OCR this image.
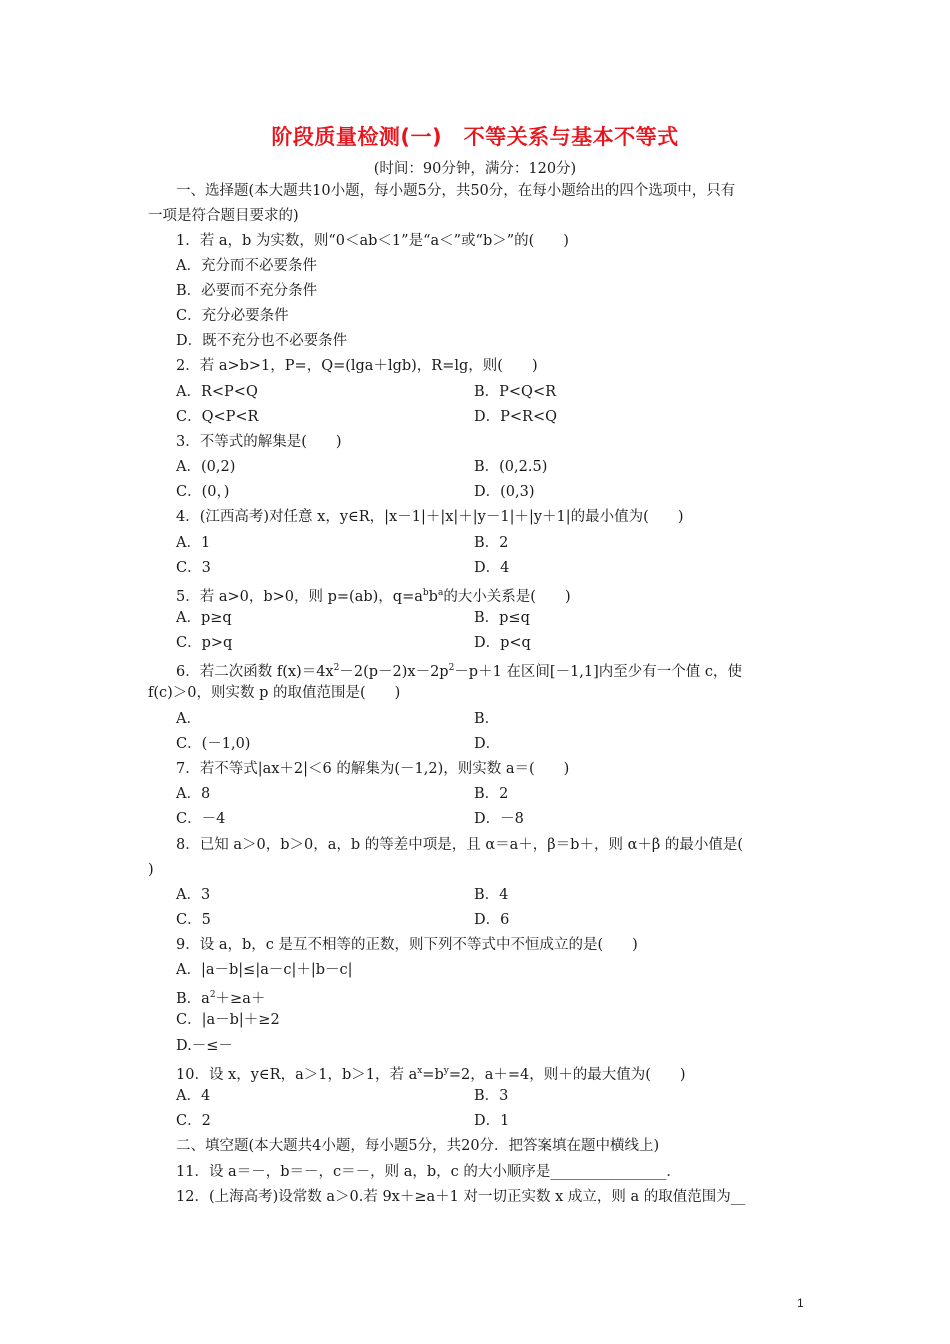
阶段质量检测(一)　不等关系与基本不等式
(时间：90分钟，满分：120分)
一、选择题(本大题共10小题，每小题5分，共50分，在每小题给出的四个选项中，只有
一项是符合题目要求的)
1．若 a，b 为实数，则“0＜ab＜1”是“a＜”或“b＞”的(　　)
A．充分而不必要条件
B．必要而不充分条件
C．充分必要条件
D．既不充分也不必要条件
2．若 a>b>1，P=，Q=(lga＋lgb)，R=lg，则(　　)
A．R<P<Q	B．P<Q<R
C．Q<P<R	D．P<R<Q
3．不等式的解集是(　　)
A．(0,2)	B．(0,2.5)
C．(0，)	D．(0,3)
4．(江西高考)对任意 x，y∈R，|x－1|＋|x|＋|y－1|＋|y＋1|的最小值为(　　)
A．1	B．2
C．3	D．4
5．若 a>0，b>0，则 p=(ab)，$q=a^bb^a$的大小关系是(　　)
A．p≥q	B．p≤q
C．p>q	D．p<q
6．若二次函数 $f(x)=4x^2-2(p-2)x-2p^2-p+1$ 在区间[－1,1]内至少有一个值 c，使
f(c)＞0，则实数 p 的取值范围是(　　)
A．	B．
C．(－1,0)	D．
7．若不等式|ax＋2|＜6 的解集为(－1,2)，则实数 a＝(　　)
A．8	B．2
C．－4	D．－8
8．已知 a＞0，b＞0，a，b 的等差中项是，且 α＝a＋，β＝b＋，则 α＋β 的最小值是(
)
A．3	B．4
C．5	D．6
9．设 a，b，c 是互不相等的正数，则下列不等式中不恒成立的是(　　)
A．|a－b|≤|a－c|＋|b－c|
B．$a^2+\ge a+$
C．|a－b|＋≥2
D.－≤－
10．设 x，y∈R，a＞1，b＞1，若 $a^x=b^y=2$，a＋=4，则＋的最大值为(　　)
A．4	B．3
C．2	D．1
二、填空题(本大题共4小题，每小题5分，共20分．把答案填在题中横线上)
11．设 a＝－，b＝－，c＝－，则 a，b，c 的大小顺序是________________．
12．(上海高考)设常数 a＞0.若 9x＋≥a＋1 对一切正实数 x 成立，则 a 的取值范围为__
1
